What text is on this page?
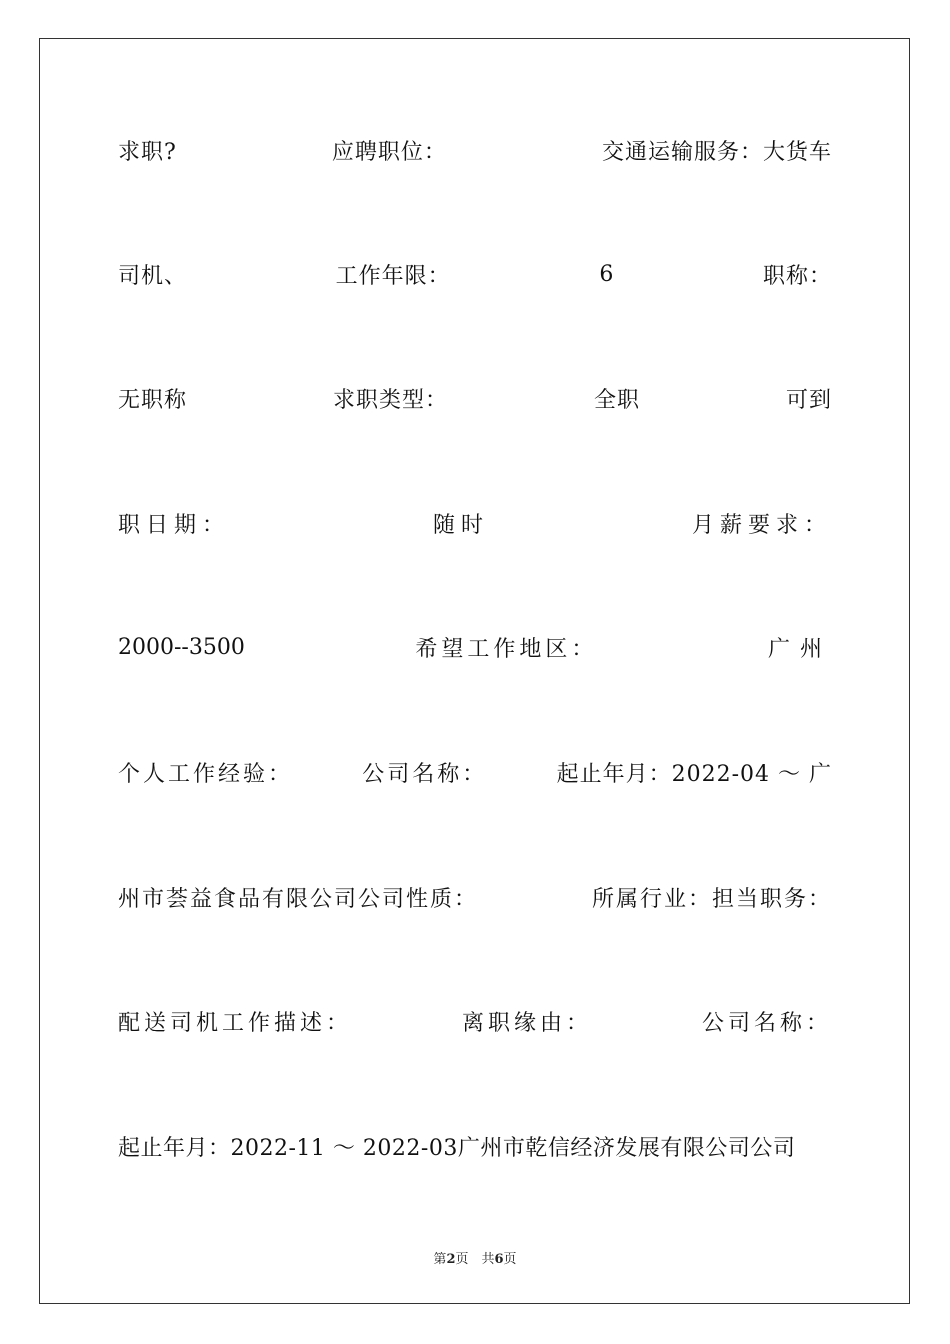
求职?	应聘职位：	交通运输服务：大货车
司机、	工作年限：	6	职称：
无职称	求职类型：	全职	可到
职日期：	随时	月薪要求：
2000--3500	希望工作地区：	广州
个人工作经验：	公司名称：	起止年月：2022-04 ～ 广
州市荟益食品有限公司公司性质：	所属行业：担当职务：
配送司机工作描述：	离职缘由：	公司名称：
起止年月：2022-11 ～ 2022-03广州市乾信经济发展有限公司公司
第2页　共6页
